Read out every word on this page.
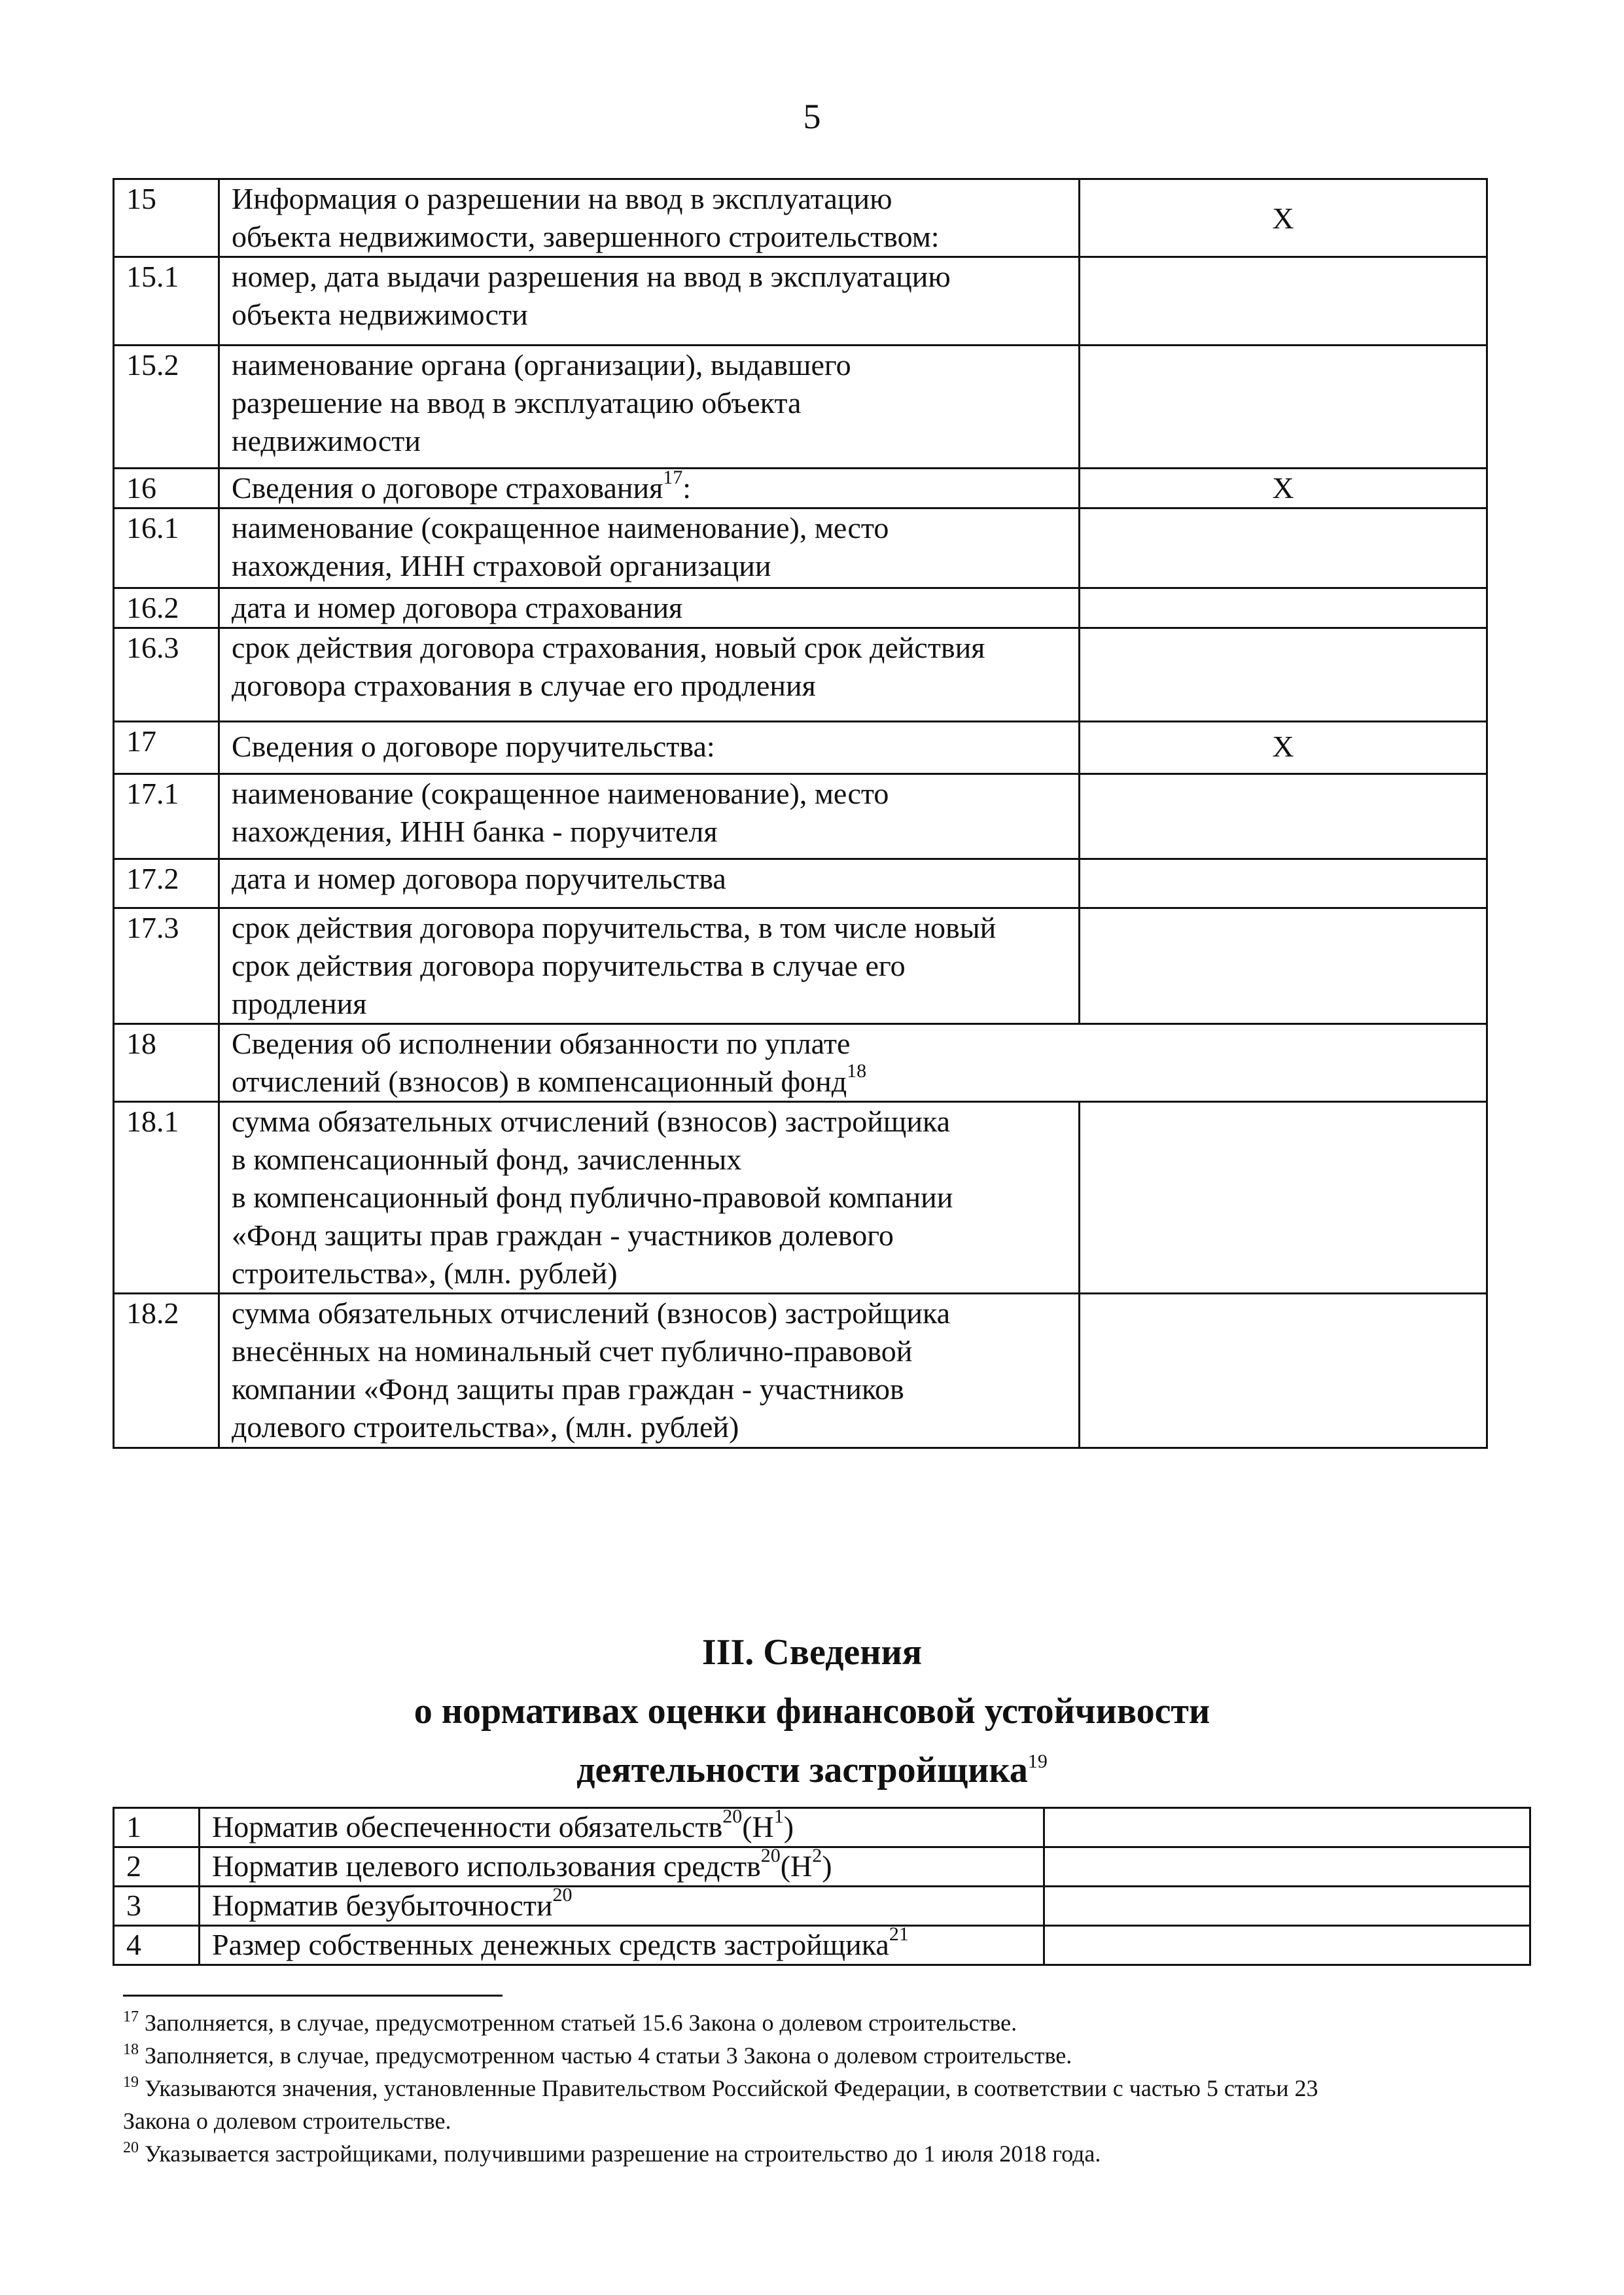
5
15	Информация о разрешении на ввод в эксплуатацию
объекта недвижимости, завершенного строительством:	Х
15.1	номер, дата выдачи разрешения на ввод в эксплуатацию
объекта недвижимости	
15.2	наименование органа (организации), выдавшего
разрешение на ввод в эксплуатацию объекта
недвижимости	
16	Сведения о договоре страхования$^{17}$:	Х
16.1	наименование (сокращенное наименование), место
нахождения, ИНН страховой организации	
16.2	дата и номер договора страхования	
16.3	срок действия договора страхования, новый срок действия
договора страхования в случае его продления	
17	Сведения о договоре поручительства:	Х
17.1	наименование (сокращенное наименование), место
нахождения, ИНН банка - поручителя	
17.2	дата и номер договора поручительства	
17.3	срок действия договора поручительства, в том числе новый
срок действия договора поручительства в случае его
продления	
18	Сведения об исполнении обязанности по уплате
отчислений (взносов) в компенсационный фонд$^{18}$
18.1	сумма обязательных отчислений (взносов) застройщика
в компенсационный фонд, зачисленных
в компенсационный фонд публично-правовой компании
«Фонд защиты прав граждан - участников долевого
строительства», (млн. рублей)	
18.2	сумма обязательных отчислений (взносов) застройщика
внесённых на номинальный счет публично-правовой
компании «Фонд защиты прав граждан - участников
долевого строительства», (млн. рублей)	
III. Сведения
о нормативах оценки финансовой устойчивости
деятельности застройщика$^{19}$
1	Норматив обеспеченности $обязательств^{20}(Н^1)$	
2	Норматив целевого использования $средств^{20}(Н^2)$	
3	Норматив безубыточности$^{20}$	
4	Размер собственных денежных средств застройщика$^{21}$	

$^{17}$ Заполняется, в случае, предусмотренном статьей 15.6 Закона о долевом строительстве.

$^{18}$ Заполняется, в случае, предусмотренном частью 4 статьи 3 Закона о долевом строительстве.

$^{19}$ Указываются значения, установленные Правительством Российской Федерации, в соответствии с частью 5 статьи 23
Закона о долевом строительстве.

$^{20}$ Указывается застройщиками, получившими разрешение на строительство до 1 июля 2018 года.
